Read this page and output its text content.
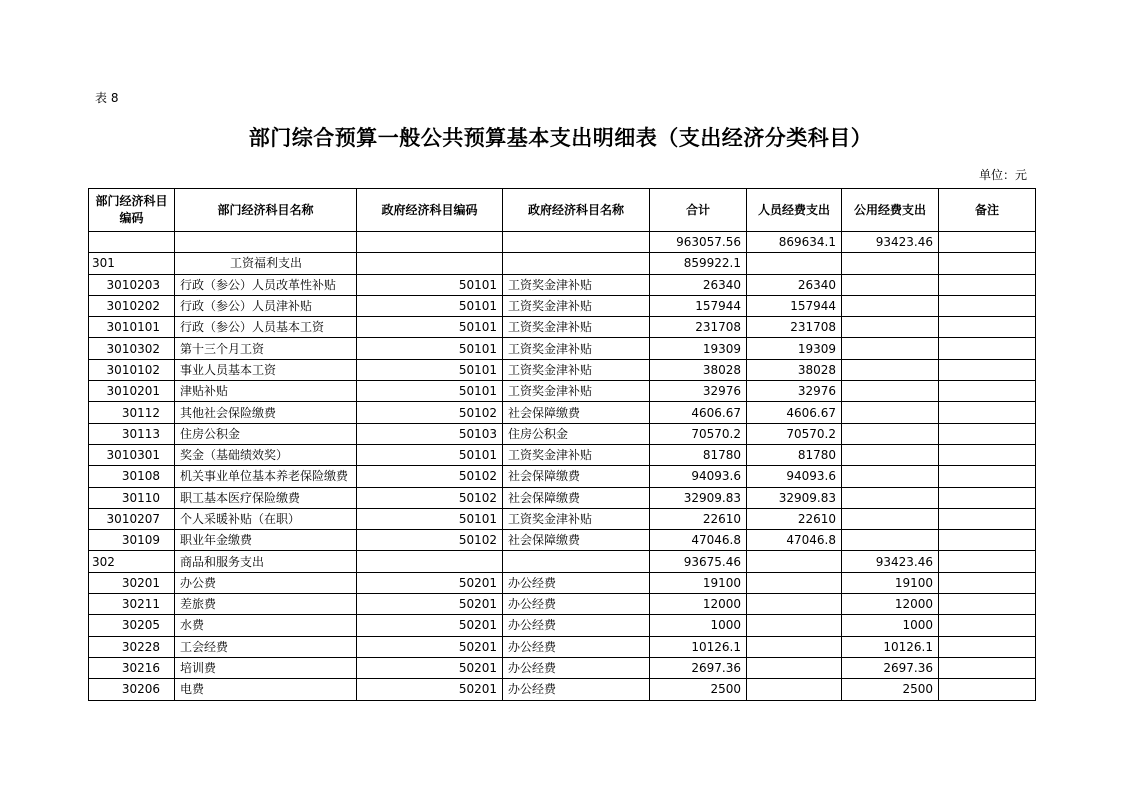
表 8
部门综合预算一般公共预算基本支出明细表（支出经济分类科目）
单位：元
部门经济科目编码	部门经济科目名称	政府经济科目编码	政府经济科目名称	合计	人员经费支出	公用经费支出	备注
				963057.56	869634.1	93423.46	
301	工资福利支出			859922.1			
3010203	行政（参公）人员改革性补贴	50101	工资奖金津补贴	26340	26340		
3010202	行政（参公）人员津补贴	50101	工资奖金津补贴	157944	157944		
3010101	行政（参公）人员基本工资	50101	工资奖金津补贴	231708	231708		
3010302	第十三个月工资	50101	工资奖金津补贴	19309	19309		
3010102	事业人员基本工资	50101	工资奖金津补贴	38028	38028		
3010201	津贴补贴	50101	工资奖金津补贴	32976	32976		
30112	其他社会保险缴费	50102	社会保障缴费	4606.67	4606.67		
30113	住房公积金	50103	住房公积金	70570.2	70570.2		
3010301	奖金（基础绩效奖）	50101	工资奖金津补贴	81780	81780		
30108	机关事业单位基本养老保险缴费	50102	社会保障缴费	94093.6	94093.6		
30110	职工基本医疗保险缴费	50102	社会保障缴费	32909.83	32909.83		
3010207	个人采暖补贴（在职）	50101	工资奖金津补贴	22610	22610		
30109	职业年金缴费	50102	社会保障缴费	47046.8	47046.8		
302	商品和服务支出			93675.46		93423.46	
30201	办公费	50201	办公经费	19100		19100	
30211	差旅费	50201	办公经费	12000		12000	
30205	水费	50201	办公经费	1000		1000	
30228	工会经费	50201	办公经费	10126.1		10126.1	
30216	培训费	50201	办公经费	2697.36		2697.36	
30206	电费	50201	办公经费	2500		2500	
